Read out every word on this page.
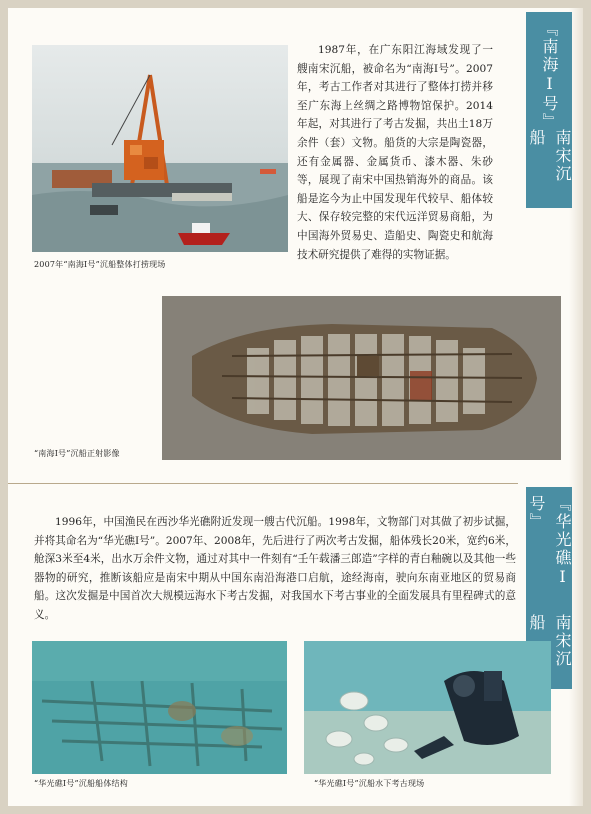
『南海Ⅰ号』
南宋沉船
2007年“南海Ⅰ号”沉船整体打捞现场

1987年，在广东阳江海域发现了一艘南宋沉船，被命名为“南海Ⅰ号”。2007年，考古工作者对其进行了整体打捞并移至广东海上丝绸之路博物馆保护。2014年起，对其进行了考古发掘，共出土18万余件（套）文物。船货的大宗是陶瓷器，还有金属器、金属货币、漆木器、朱砂等，展现了南宋中国热销海外的商品。该船是迄今为止中国发现年代较早、船体较大、保存较完整的宋代远洋贸易商船，为中国海外贸易史、造船史、陶瓷史和航海技术研究提供了难得的实物证据。

“南海Ⅰ号”沉船正射影像
『华光礁Ⅰ号』
南宋沉船

1996年，中国渔民在西沙华光礁附近发现一艘古代沉船。1998年，文物部门对其做了初步试掘，并将其命名为“华光礁Ⅰ号”。2007年、2008年，先后进行了两次考古发掘，船体残长20米，宽约6米，舱深3米至4米，出水万余件文物，通过对其中一件刻有“壬午载潘三郎造”字样的青白釉碗以及其他一些器物的研究，推断该船应是南宋中期从中国东南沿海港口启航，途经海南，驶向东南亚地区的贸易商船。这次发掘是中国首次大规模远海水下考古发掘，对我国水下考古事业的全面发展具有里程碑式的意义。

“华光礁Ⅰ号”沉船船体结构	“华光礁Ⅰ号”沉船水下考古现场
